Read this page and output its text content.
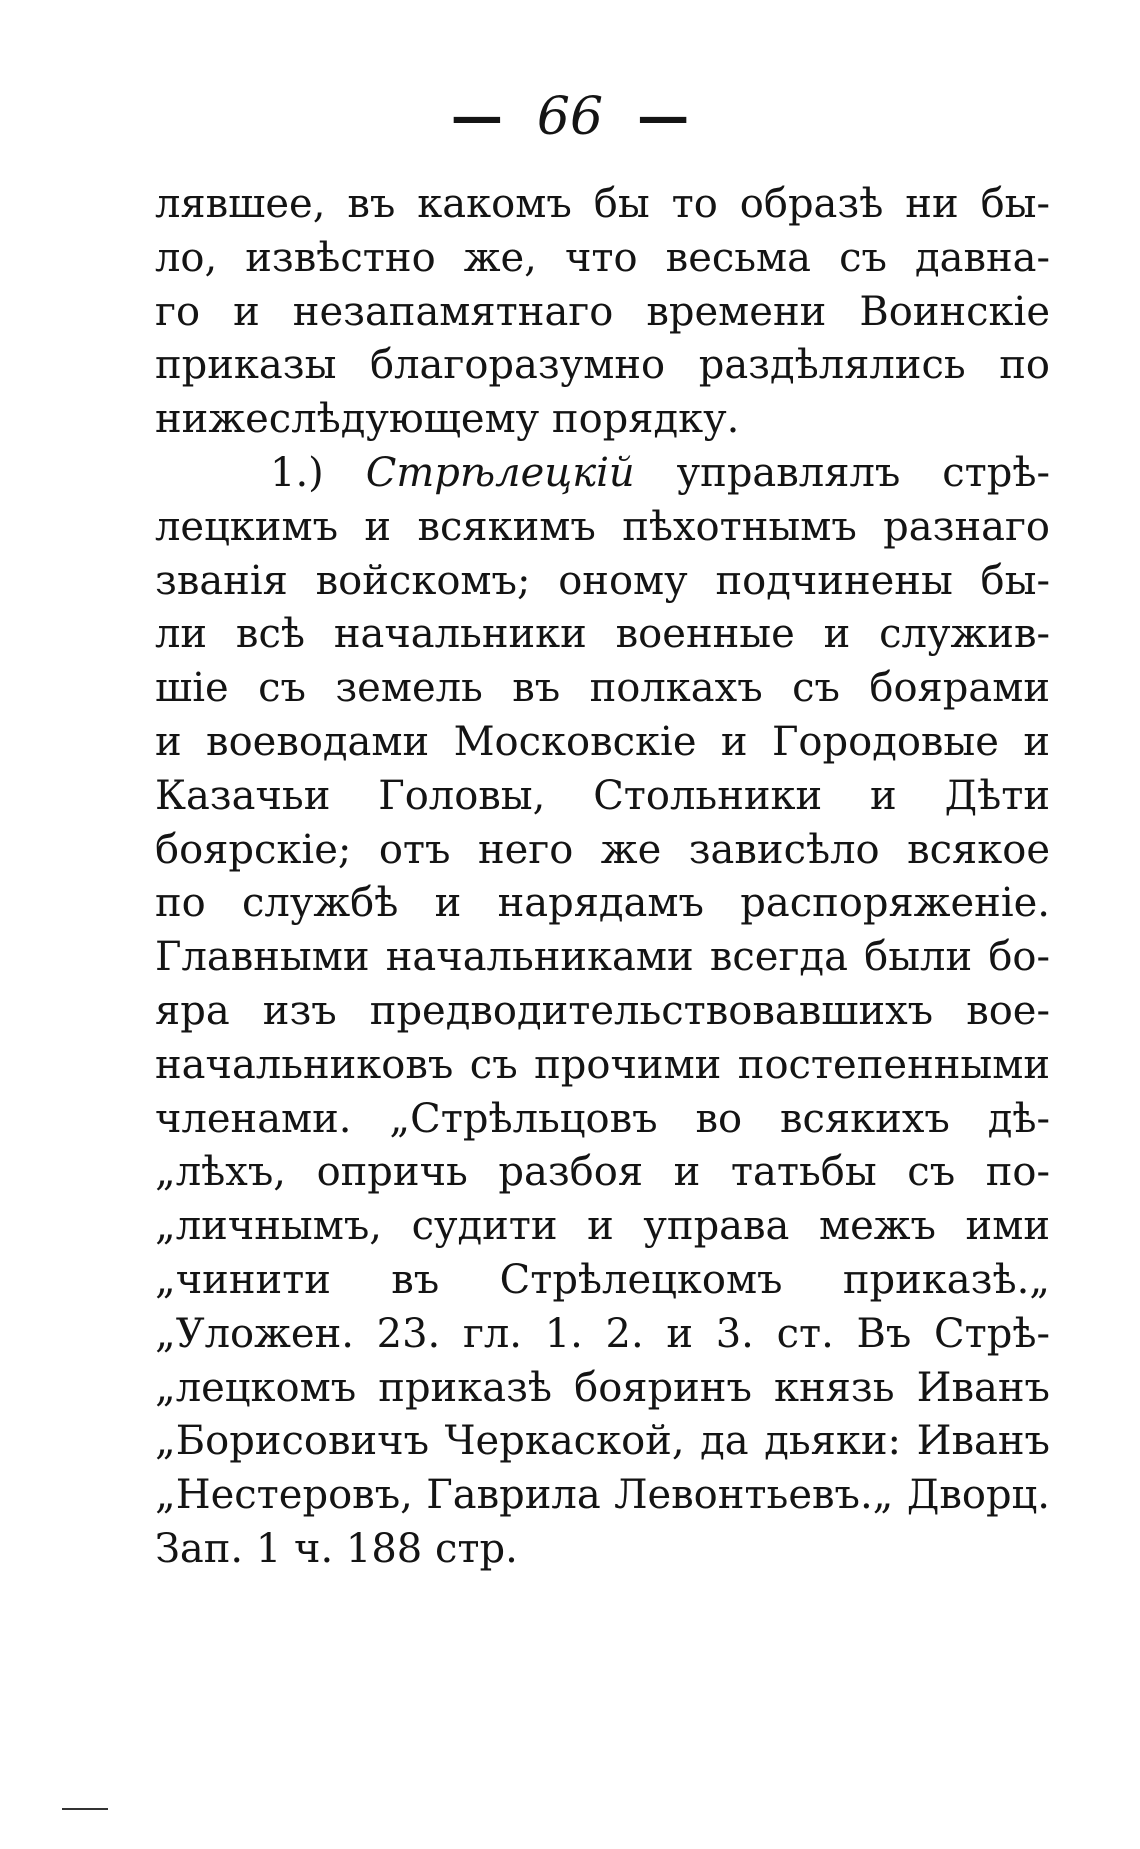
— 66 —
лявшее, въ какомъ бы то образѣ ни бы-
ло, извѣстно же, что весьма съ давна-
го и незапамятнаго времени Воинскіе
приказы благоразумно раздѣлялись по
нижеслѣдующему порядку.
1.) Стрѣлецкій управлялъ стрѣ-
лецкимъ и всякимъ пѣхотнымъ разнаго
званія войскомъ; оному подчинены бы-
ли всѣ начальники военные и служив-
шіе съ земель въ полкахъ съ боярами
и воеводами Московскіе и Городовые и
Казачьи Головы, Стольники и Дѣти
боярскіе; отъ него же зависѣло всякое
по службѣ и нарядамъ распоряженіе.
Главными начальниками всегда были бо-
яра изъ предводительствовавшихъ вое-
начальниковъ съ прочими постепенными
членами. „Стрѣльцовъ во всякихъ дѣ-
„лѣхъ, опричь разбоя и татьбы съ по-
„личнымъ, судити и управа межъ ими
„чинити въ Стрѣлецкомъ приказѣ.„
„Уложен. 23. гл. 1. 2. и 3. ст. Въ Стрѣ-
„лецкомъ приказѣ бояринъ князь Иванъ
„Борисовичъ Черкаской, да дьяки: Иванъ
„Нестеровъ, Гаврила Левонтьевъ.„ Дворц.
Зап. 1 ч. 188 стр.
